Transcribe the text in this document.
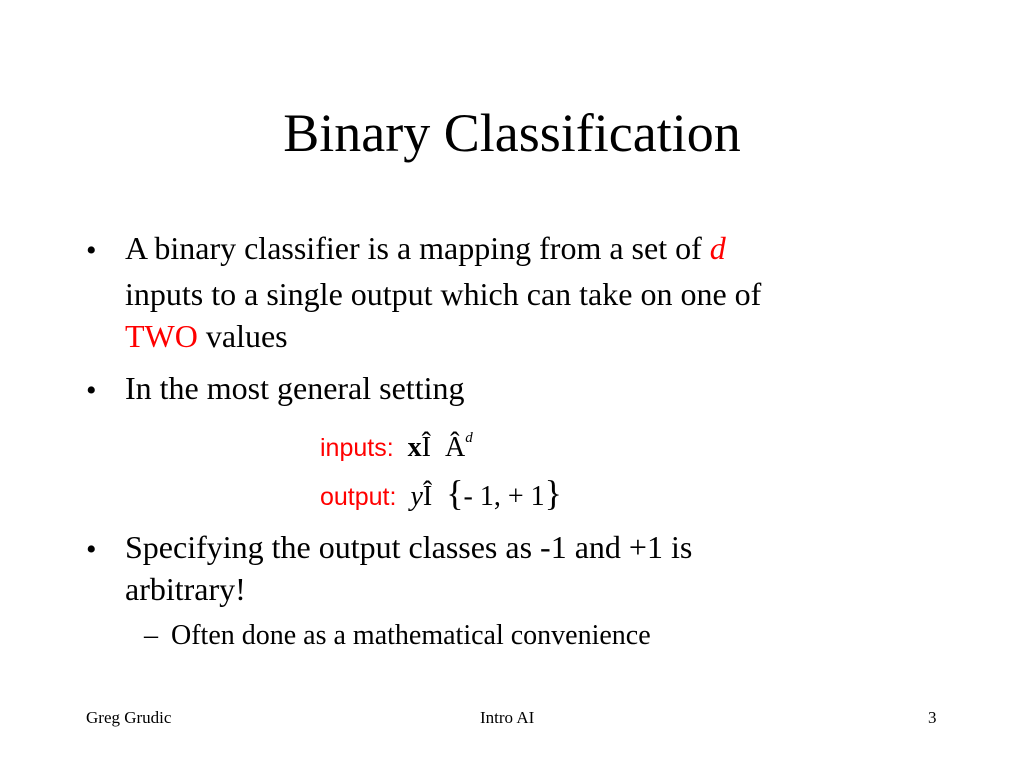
Binary Classification
• A binary classifier is a mapping from a set of d
inputs to a single output which can take on one of
TWO values
• In the most general setting
inputs: xÎ $Â^d$
output: yÎ {- 1, + 1}
• Specifying the output classes as -1 and +1 is
arbitrary!
– Often done as a mathematical convenience
Greg Grudic	Intro AI	3
